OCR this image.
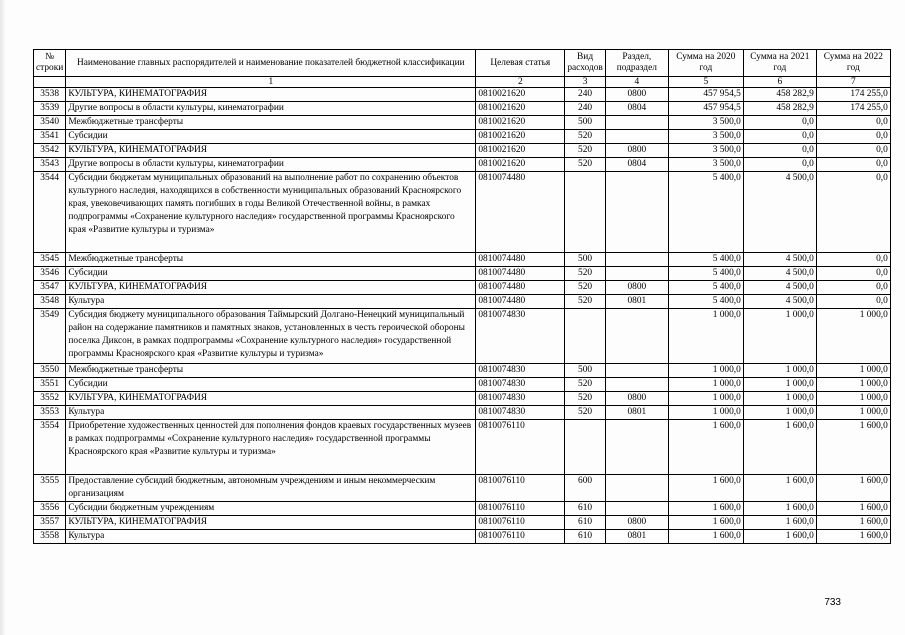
№ строки	Наименование главных распорядителей и наименование показателей бюджетной классификации	Целевая статья	Вид расходов	Раздел, подраздел	Сумма на 2020 год	Сумма на 2021 год	Сумма на 2022 год
	1	2	3	4	5	6	7
3538	КУЛЬТУРА, КИНЕМАТОГРАФИЯ	0810021620	240	0800	457 954,5	458 282,9	174 255,0
3539	Другие вопросы в области культуры, кинематографии	0810021620	240	0804	457 954,5	458 282,9	174 255,0
3540	Межбюджетные трансферты	0810021620	500		3 500,0	0,0	0,0
3541	Субсидии	0810021620	520		3 500,0	0,0	0,0
3542	КУЛЬТУРА, КИНЕМАТОГРАФИЯ	0810021620	520	0800	3 500,0	0,0	0,0
3543	Другие вопросы в области культуры, кинематографии	0810021620	520	0804	3 500,0	0,0	0,0
3544	Субсидии бюджетам муниципальных образований на выполнение работ по сохранению объектов культурного наследия, находящихся в собственности муниципальных образований Красноярского края, увековечивающих память погибших в годы Великой Отечественной войны, в рамках подпрограммы «Сохранение культурного наследия» государственной программы Красноярского края «Развитие культуры и туризма»	0810074480			5 400,0	4 500,0	0,0
3545	Межбюджетные трансферты	0810074480	500		5 400,0	4 500,0	0,0
3546	Субсидии	0810074480	520		5 400,0	4 500,0	0,0
3547	КУЛЬТУРА, КИНЕМАТОГРАФИЯ	0810074480	520	0800	5 400,0	4 500,0	0,0
3548	Культура	0810074480	520	0801	5 400,0	4 500,0	0,0
3549	Субсидия бюджету муниципального образования Таймырский Долгано-Ненецкий муниципальный район на содержание памятников и памятных знаков, установленных в честь героической обороны поселка Диксон, в рамках подпрограммы «Сохранение культурного наследия» государственной программы Красноярского края «Развитие культуры и туризма»	0810074830			1 000,0	1 000,0	1 000,0
3550	Межбюджетные трансферты	0810074830	500		1 000,0	1 000,0	1 000,0
3551	Субсидии	0810074830	520		1 000,0	1 000,0	1 000,0
3552	КУЛЬТУРА, КИНЕМАТОГРАФИЯ	0810074830	520	0800	1 000,0	1 000,0	1 000,0
3553	Культура	0810074830	520	0801	1 000,0	1 000,0	1 000,0
3554	Приобретение художественных ценностей для пополнения фондов краевых государственных музеев в рамках подпрограммы «Сохранение культурного наследия» государственной программы Красноярского края «Развитие культуры и туризма»	0810076110			1 600,0	1 600,0	1 600,0
3555	Предоставление субсидий бюджетным, автономным учреждениям и иным некоммерческим организациям	0810076110	600		1 600,0	1 600,0	1 600,0
3556	Субсидии бюджетным учреждениям	0810076110	610		1 600,0	1 600,0	1 600,0
3557	КУЛЬТУРА, КИНЕМАТОГРАФИЯ	0810076110	610	0800	1 600,0	1 600,0	1 600,0
3558	Культура	0810076110	610	0801	1 600,0	1 600,0	1 600,0
733
